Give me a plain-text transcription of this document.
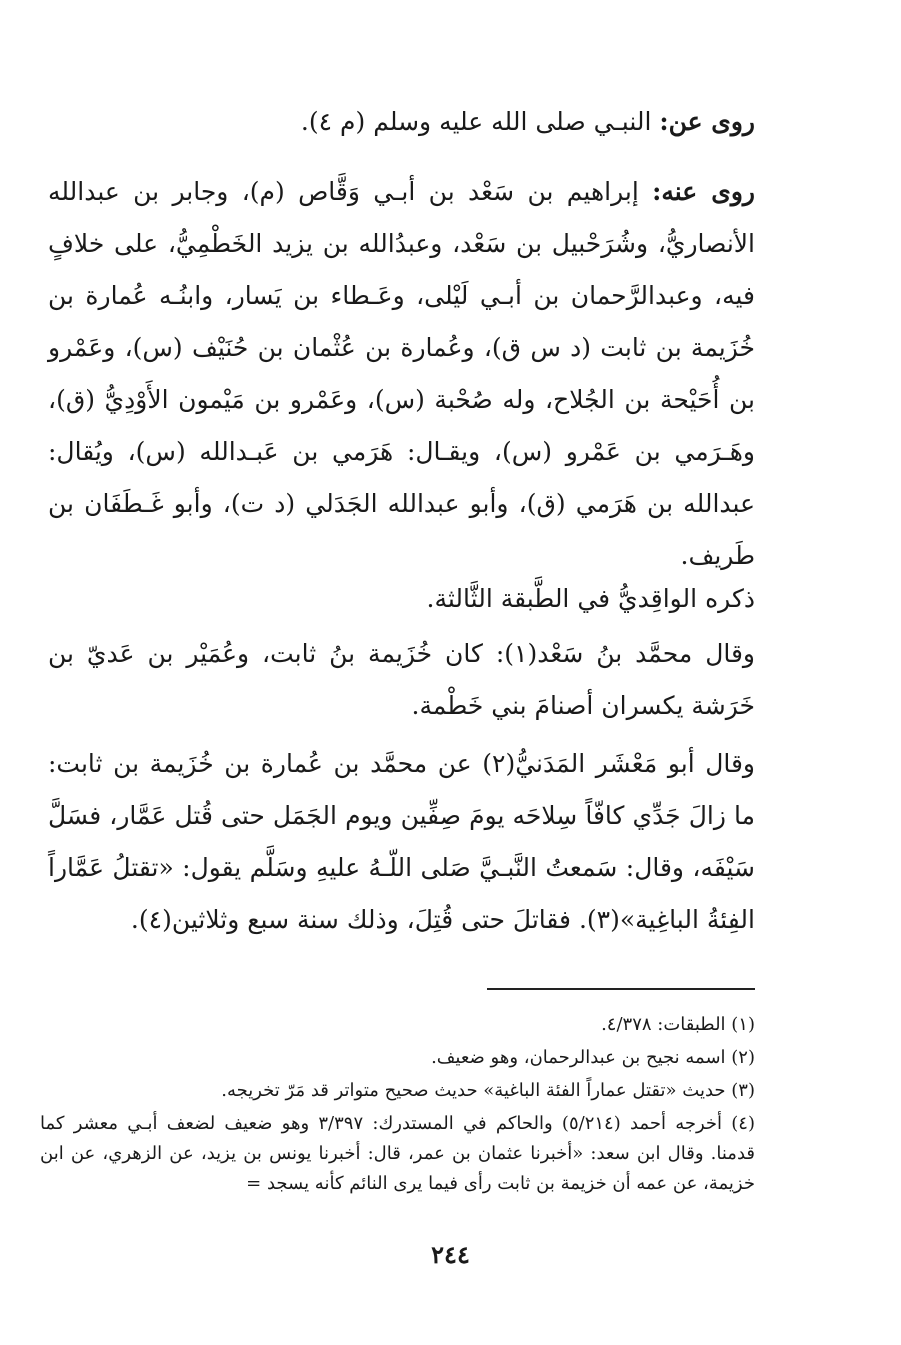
روى عن: النبـي صلى الله عليه وسلم (م ٤).

روى عنه: إبراهيم بن سَعْد بن أبـي وَقَّاص (م)، وجابر بن عبدالله الأنصاريُّ، وشُرَحْبيل بن سَعْد، وعبدُالله بن يزيد الخَطْمِيُّ، على خلافٍ فيه، وعبدالرَّحمان بن أبـي لَيْلى، وعَـطاء بن يَسار، وابنُـه عُمارة بن خُزَيمة بن ثابت (د س ق)، وعُمارة بن عُثْمان بن حُنَيْف (س)، وعَمْرو بن أُحَيْحة بن الجُلاح، وله صُحْبة (س)، وعَمْرو بن مَيْمون الأَوْدِيُّ (ق)، وهَـرَمي بن عَمْرو (س)، ويقـال: هَرَمي بن عَبـدالله (س)، ويُقال: عبدالله بن هَرَمي (ق)، وأبو عبدالله الجَدَلي (د ت)، وأبو غَـطَفَان بن طَريف.

ذكره الواقِديُّ في الطَّبقة الثَّالثة.

وقال محمَّد بنُ سَعْد(١): كان خُزَيمة بنُ ثابت، وعُمَيْر بن عَديّ بن خَرَشة يكسران أصنامَ بني خَطْمة.

وقال أبو مَعْشَر المَدَنيُّ(٢) عن محمَّد بن عُمارة بن خُزَيمة بن ثابت: ما زالَ جَدِّي كافّاً سِلاحَه يومَ صِفِّين ويوم الجَمَل حتى قُتل عَمَّار، فسَلَّ سَيْفَه، وقال: سَمعتُ النَّبـيَّ صَلى اللّـهُ عليهِ وسَلَّم يقول: «تقتلُ عَمَّاراً الفِئةُ الباغِية»(٣). فقاتلَ حتى قُتِلَ، وذلك سنة سبع وثلاثين(٤).

(١) الطبقات: ٤/٣٧٨.

(٢) اسمه نجيح بن عبدالرحمان، وهو ضعيف.

(٣) حديث «تقتل عماراً الفئة الباغية» حديث صحيح متواتر قد مَرّ تخريجه.

(٤) أخرجه أحمد (٥/٢١٤) والحاكم في المستدرك: ٣/٣٩٧ وهو ضعيف لضعف أبـي معشر كما قدمنا. وقال ابن سعد: «أخبرنا عثمان بن عمر، قال: أخبرنا يونس بن يزيد، عن الزهري، عن ابن خزيمة، عن عمه أن خزيمة بن ثابت رأى فيما يرى النائم كأنه يسجد =

٢٤٤
